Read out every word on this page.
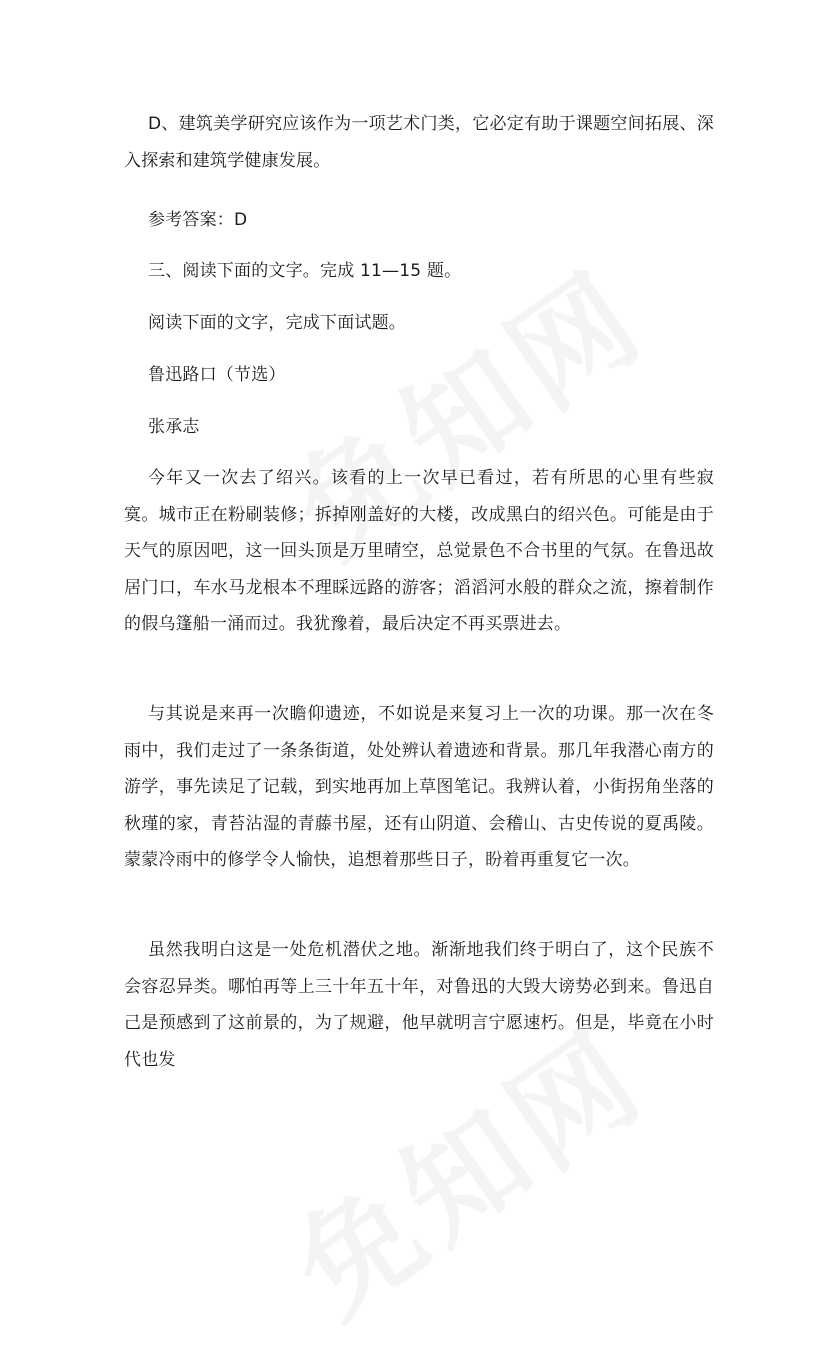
D、建筑美学研究应该作为一项艺术门类，它必定有助于课题空间拓展、深入探索和建筑学健康发展。
参考答案：D
三、阅读下面的文字。完成 11—15 题。
阅读下面的文字，完成下面试题。
鲁迅路口（节选）
张承志
今年又一次去了绍兴。该看的上一次早已看过，若有所思的心里有些寂寞。城市正在粉刷装修；拆掉刚盖好的大楼，改成黑白的绍兴色。可能是由于天气的原因吧，这一回头顶是万里晴空，总觉景色不合书里的气氛。在鲁迅故居门口，车水马龙根本不理睬远路的游客；滔滔河水般的群众之流，擦着制作的假乌篷船一涌而过。我犹豫着，最后决定不再买票进去。
与其说是来再一次瞻仰遗迹，不如说是来复习上一次的功课。那一次在冬雨中，我们走过了一条条街道，处处辨认着遗迹和背景。那几年我潜心南方的游学，事先读足了记载，到实地再加上草图笔记。我辨认着，小街拐角坐落的秋瑾的家，青苔沾湿的青藤书屋，还有山阴道、会稽山、古史传说的夏禹陵。蒙蒙冷雨中的修学令人愉快，追想着那些日子，盼着再重复它一次。
虽然我明白这是一处危机潜伏之地。渐渐地我们终于明白了，这个民族不会容忍异类。哪怕再等上三十年五十年，对鲁迅的大毁大谤势必到来。鲁迅自己是预感到了这前景的，为了规避，他早就明言宁愿速朽。但是，毕竟在小时代也发
